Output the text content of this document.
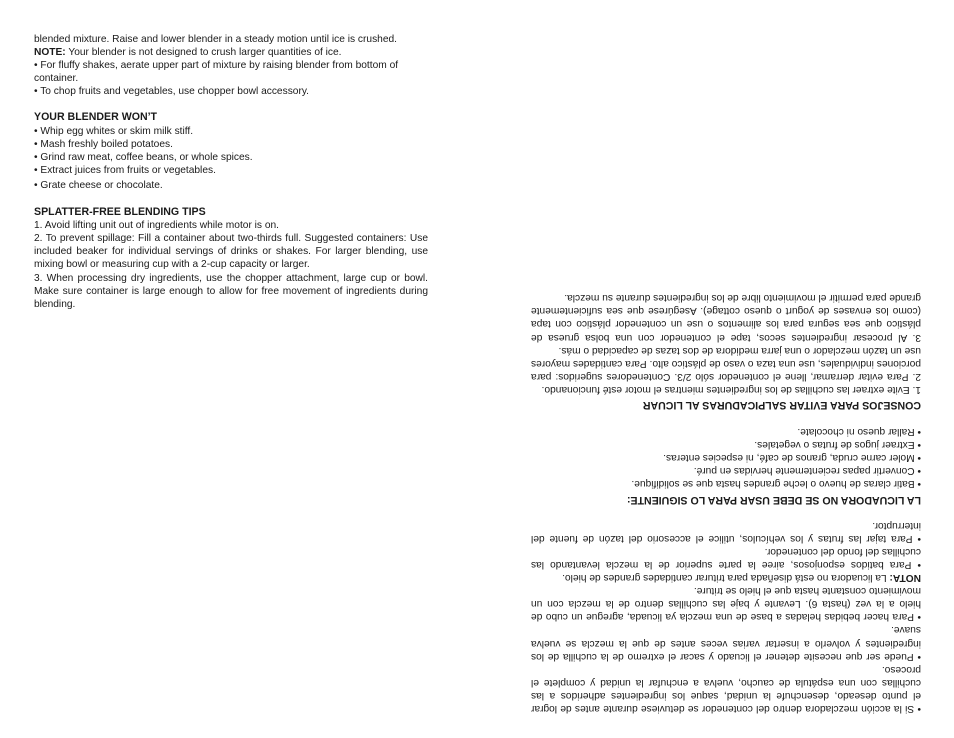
blended mixture. Raise and lower blender in a steady motion until ice is crushed.

NOTE: Your blender is not designed to crush larger quantities of ice.

• For fluffy shakes, aerate upper part of mixture by raising blender from bottom of container.

• To chop fruits and vegetables, use chopper bowl accessory.

YOUR BLENDER WON’T

• Whip egg whites or skim milk stiff.

• Mash freshly boiled potatoes.

• Grind raw meat, coffee beans, or whole spices.

• Extract juices from fruits or vegetables.

• Grate cheese or chocolate.

SPLATTER-FREE BLENDING TIPS

1. Avoid lifting unit out of ingredients while motor is on.

2. To prevent spillage: Fill a container about two-thirds full. Suggested containers: Use included beaker for individual servings of drinks or shakes. For larger blending, use mixing bowl or measuring cup with a 2-cup capacity or larger.

3. When processing dry ingredients, use the chopper attachment, large cup or bowl. Make sure container is large enough to allow for free movement of ingredients during blending.

• Si la acción mezcladora dentro del contenedor se detuviese durante antes de lograr el punto deseado, desenchufe la unidad, saque los ingredientes adheridos a las cuchillas con una espátula de caucho, vuelva a enchufar la unidad y complete el proceso.

• Puede ser que necesite detener el licuado y sacar el extremo de la cuchilla de los ingredientes y volverlo a insertar varias veces antes de que la mezcla se vuelva suave.

• Para hacer bebidas heladas a base de una mezcla ya licuada, agregue un cubo de hielo a la vez (hasta 6). Levante y baje las cuchillas dentro de la mezcla con un movimiento constante hasta que el hielo se triture.

NOTA: La licuadora no está diseñada para triturar cantidades grandes de hielo.

• Para batidos esponjosos, airee la parte superior de la mezcla levantando las cuchillas del fondo del contenedor.

• Para tajar las frutas y los vehículos, utilice el accesorio del tazón de fuente del interruptor.

LA LICUADORA NO SE DEBE USAR PARA LO SIGUIENTE:

• Batir claras de huevo o leche grandes hasta que se solidifique.

• Convertir papas recientemente hervidas en puré.

• Moler carne cruda, granos de café, ni especies enteras.

• Extraer jugos de frutas o vegetales.

• Rallar queso ni chocolate.

CONSEJOS PARA EVITAR SALPICADURAS AL LICUAR

1. Evite extraer las cuchillas de los ingredientes mientras el motor esté funcionando.

2. Para evitar derramar, llene el contenedor sólo 2/3. Contenedores sugeridos: para porciones individuales, use una taza o vaso de plástico alto. Para cantidades mayores use un tazón mezclador o una jarra medidora de dos tazas de capacidad o más.

3. Al procesar ingredientes secos, tape el contenedor con una bolsa gruesa de plástico que sea segura para los alimentos o use un contenedor plástico con tapa (como los envases de yogurt o queso cottage). Asegúrese que sea suficientemente grande para permitir el movimiento libre de los ingredientes durante su mezcla.
